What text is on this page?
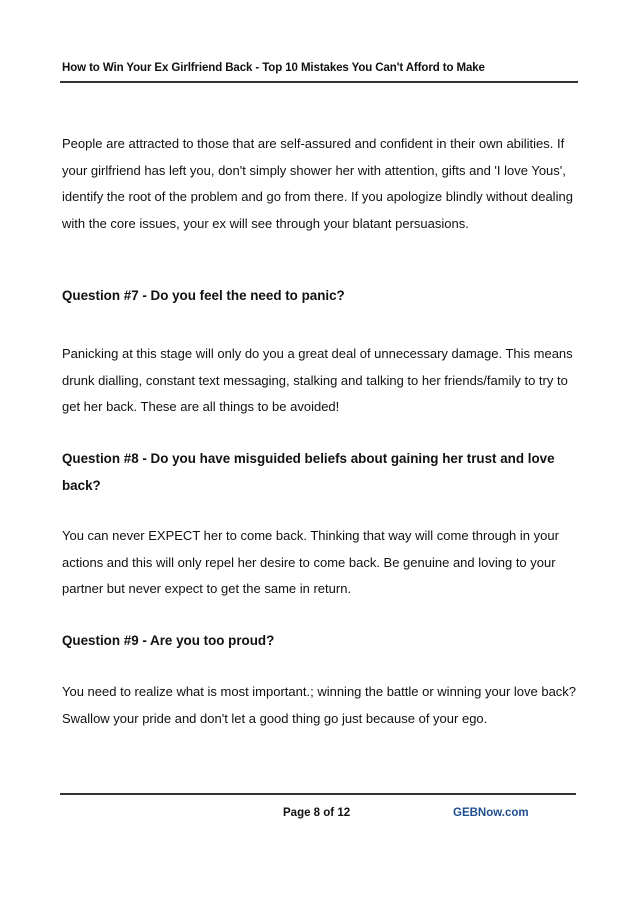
How to Win Your Ex Girlfriend Back - Top 10 Mistakes You Can't Afford to Make
People are attracted to those that are self-assured and confident in their own abilities. If your girlfriend has left you, don't simply shower her with attention, gifts and 'I love Yous', identify the root of the problem and go from there. If you apologize blindly without dealing with the core issues, your ex will see through your blatant persuasions.
Question #7 - Do you feel the need to panic?
Panicking at this stage will only do you a great deal of unnecessary damage. This means drunk dialling, constant text messaging, stalking and talking to her friends/family to try to get her back. These are all things to be avoided!
Question #8 - Do you have misguided beliefs about gaining her trust and love back?
You can never EXPECT her to come back. Thinking that way will come through in your actions and this will only repel her desire to come back. Be genuine and loving to your partner but never expect to get the same in return.
Question #9 - Are you too proud?
You need to realize what is most important.; winning the battle or winning your love back? Swallow your pride and don't let a good thing go just because of your ego.
Page 8 of 12	GEBNow.com
